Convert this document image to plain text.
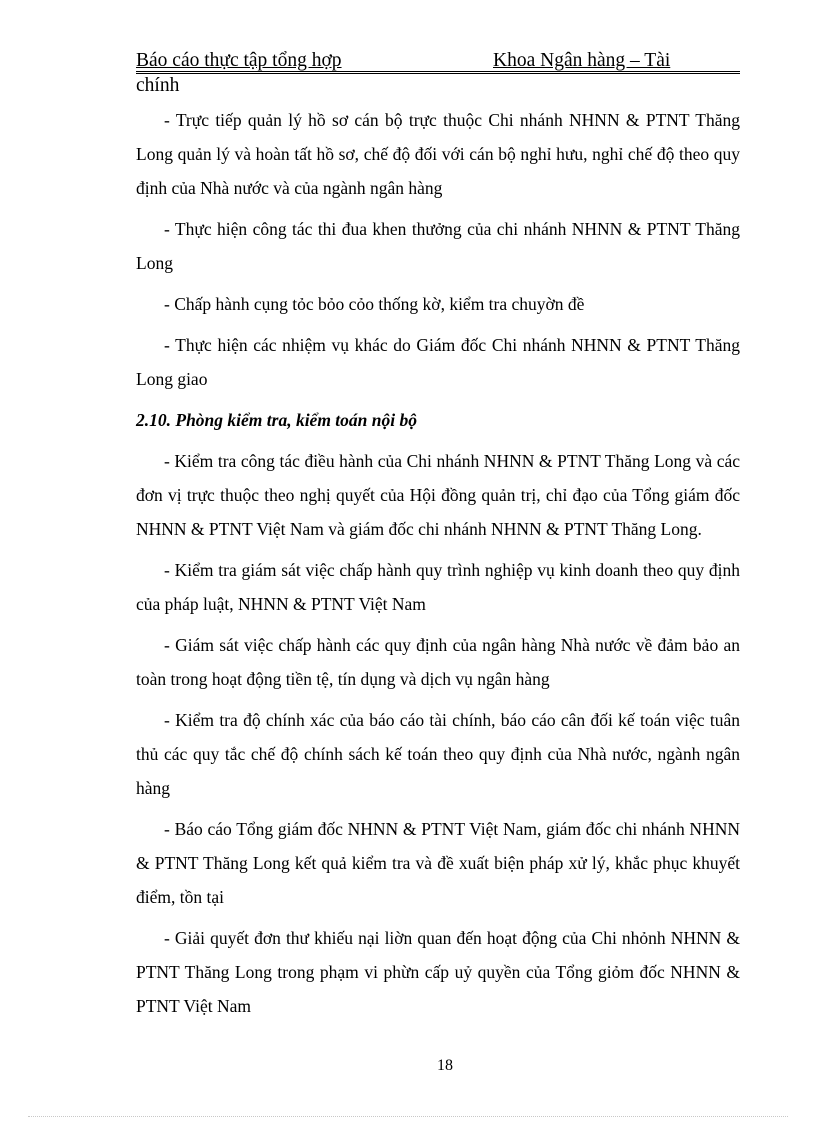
Báo cáo thực tập tổng hợp	Khoa Ngân hàng – Tài
chính

- Trực tiếp quản lý hồ sơ cán bộ trực thuộc Chi nhánh NHNN & PTNT Thăng Long quản lý và hoàn tất hồ sơ, chế độ đối với cán bộ nghỉ hưu, nghỉ chế độ theo quy định của Nhà nước và của ngành ngân hàng

- Thực hiện công tác thi đua khen thưởng của chi nhánh NHNN & PTNT Thăng Long

- Chấp hành cụng tỏc bỏo cỏo thống kờ, kiểm tra chuyờn đề

- Thực hiện các nhiệm vụ khác do Giám đốc Chi nhánh NHNN & PTNT Thăng Long giao

2.10. Phòng kiểm tra, kiểm toán nội bộ

- Kiểm tra công tác điều hành của Chi nhánh NHNN & PTNT Thăng Long và các đơn vị trực thuộc theo nghị quyết của Hội đồng quản trị, chỉ đạo của Tổng giám đốc NHNN & PTNT Việt Nam và giám đốc chi nhánh NHNN & PTNT Thăng Long.

- Kiểm tra giám sát việc chấp hành quy trình nghiệp vụ kinh doanh theo quy định của pháp luật, NHNN & PTNT Việt Nam

- Giám sát việc chấp hành các quy định của ngân hàng Nhà nước về đảm bảo an toàn trong hoạt động tiền tệ, tín dụng và dịch vụ ngân hàng

- Kiểm tra độ chính xác của báo cáo tài chính, báo cáo cân đối kế toán việc tuân thủ các quy tắc chế độ chính sách kế toán theo quy định của Nhà nước, ngành ngân hàng

- Báo cáo Tổng giám đốc NHNN & PTNT Việt Nam, giám đốc chi nhánh NHNN & PTNT Thăng Long kết quả kiểm tra và đề xuất biện pháp xử lý, khắc phục khuyết điểm, tồn tại

- Giải quyết đơn thư khiếu nại liờn quan đến hoạt động của Chi nhỏnh NHNN & PTNT Thăng Long trong phạm vi phừn cấp uỷ quyền của Tổng giỏm đốc NHNN & PTNT Việt Nam

18
